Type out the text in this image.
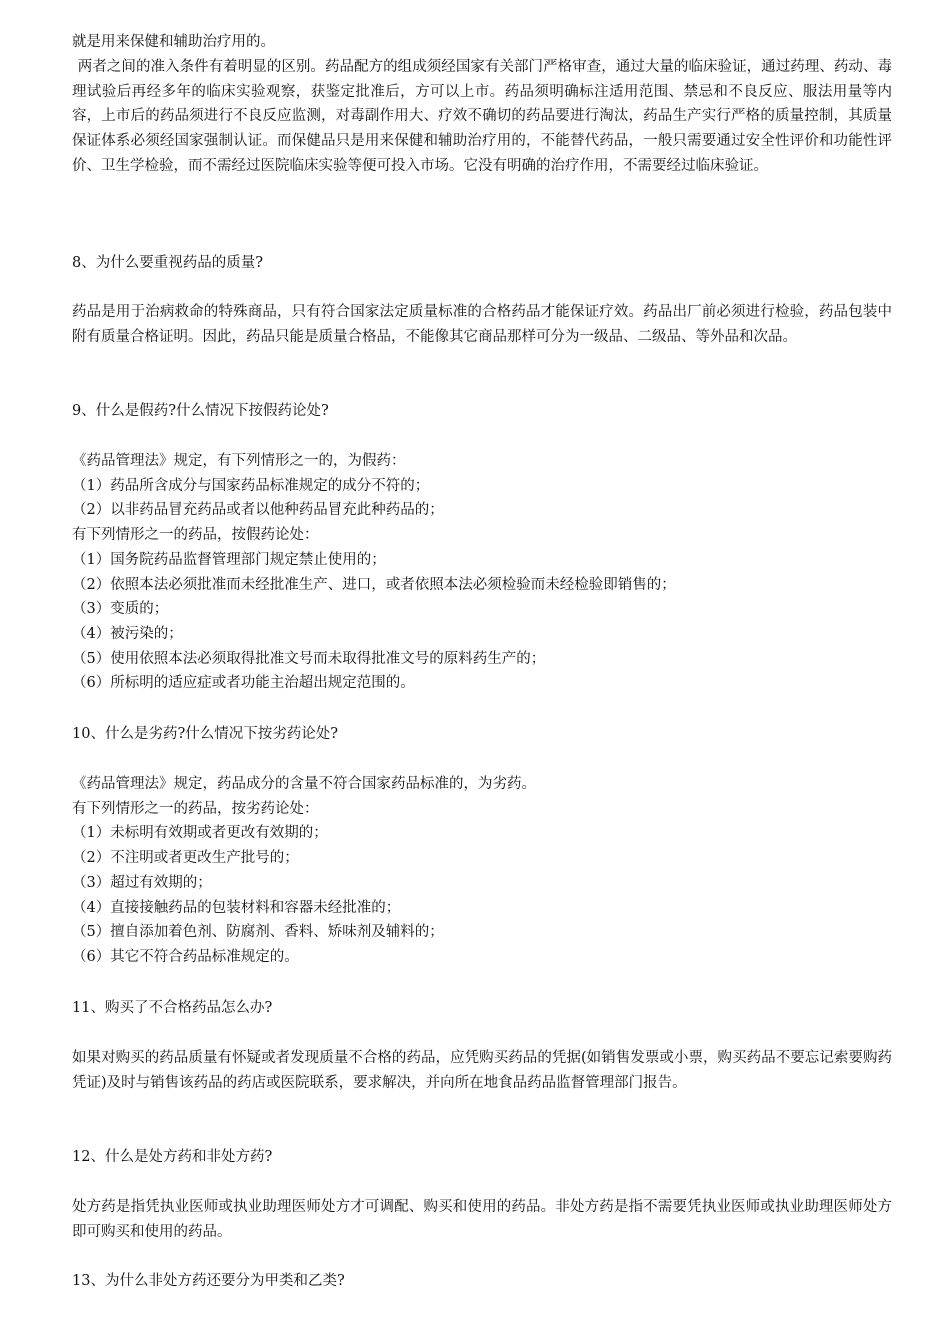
就是用来保健和辅助治疗用的。

两者之间的准入条件有着明显的区别。药品配方的组成须经国家有关部门严格审查，通过大量的临床验证，通过药理、药动、毒理试验后再经多年的临床实验观察，获鉴定批准后，方可以上市。药品须明确标注适用范围、禁忌和不良反应、服法用量等内容，上市后的药品须进行不良反应监测，对毒副作用大、疗效不确切的药品要进行淘汰，药品生产实行严格的质量控制，其质量保证体系必须经国家强制认证。而保健品只是用来保健和辅助治疗用的，不能替代药品，一般只需要通过安全性评价和功能性评价、卫生学检验，而不需经过医院临床实验等便可投入市场。它没有明确的治疗作用，不需要经过临床验证。

8、为什么要重视药品的质量?

药品是用于治病救命的特殊商品，只有符合国家法定质量标准的合格药品才能保证疗效。药品出厂前必须进行检验，药品包装中附有质量合格证明。因此，药品只能是质量合格品，不能像其它商品那样可分为一级品、二级品、等外品和次品。

9、什么是假药?什么情况下按假药论处?

《药品管理法》规定，有下列情形之一的，为假药：
（1）药品所含成分与国家药品标准规定的成分不符的；
（2）以非药品冒充药品或者以他种药品冒充此种药品的；
有下列情形之一的药品，按假药论处：
（1）国务院药品监督管理部门规定禁止使用的；
（2）依照本法必须批准而未经批准生产、进口，或者依照本法必须检验而未经检验即销售的；
（3）变质的；
（4）被污染的；
（5）使用依照本法必须取得批准文号而未取得批准文号的原料药生产的；
（6）所标明的适应症或者功能主治超出规定范围的。

10、什么是劣药?什么情况下按劣药论处?

《药品管理法》规定，药品成分的含量不符合国家药品标准的，为劣药。
有下列情形之一的药品，按劣药论处：
（1）未标明有效期或者更改有效期的；
（2）不注明或者更改生产批号的；
（3）超过有效期的；
（4）直接接触药品的包装材料和容器未经批准的；
（5）擅自添加着色剂、防腐剂、香料、矫味剂及辅料的；
（6）其它不符合药品标准规定的。

11、购买了不合格药品怎么办?

如果对购买的药品质量有怀疑或者发现质量不合格的药品，应凭购买药品的凭据(如销售发票或小票，购买药品不要忘记索要购药凭证)及时与销售该药品的药店或医院联系，要求解决，并向所在地食品药品监督管理部门报告。

12、什么是处方药和非处方药?

处方药是指凭执业医师或执业助理医师处方才可调配、购买和使用的药品。非处方药是指不需要凭执业医师或执业助理医师处方即可购买和使用的药品。

13、为什么非处方药还要分为甲类和乙类?
